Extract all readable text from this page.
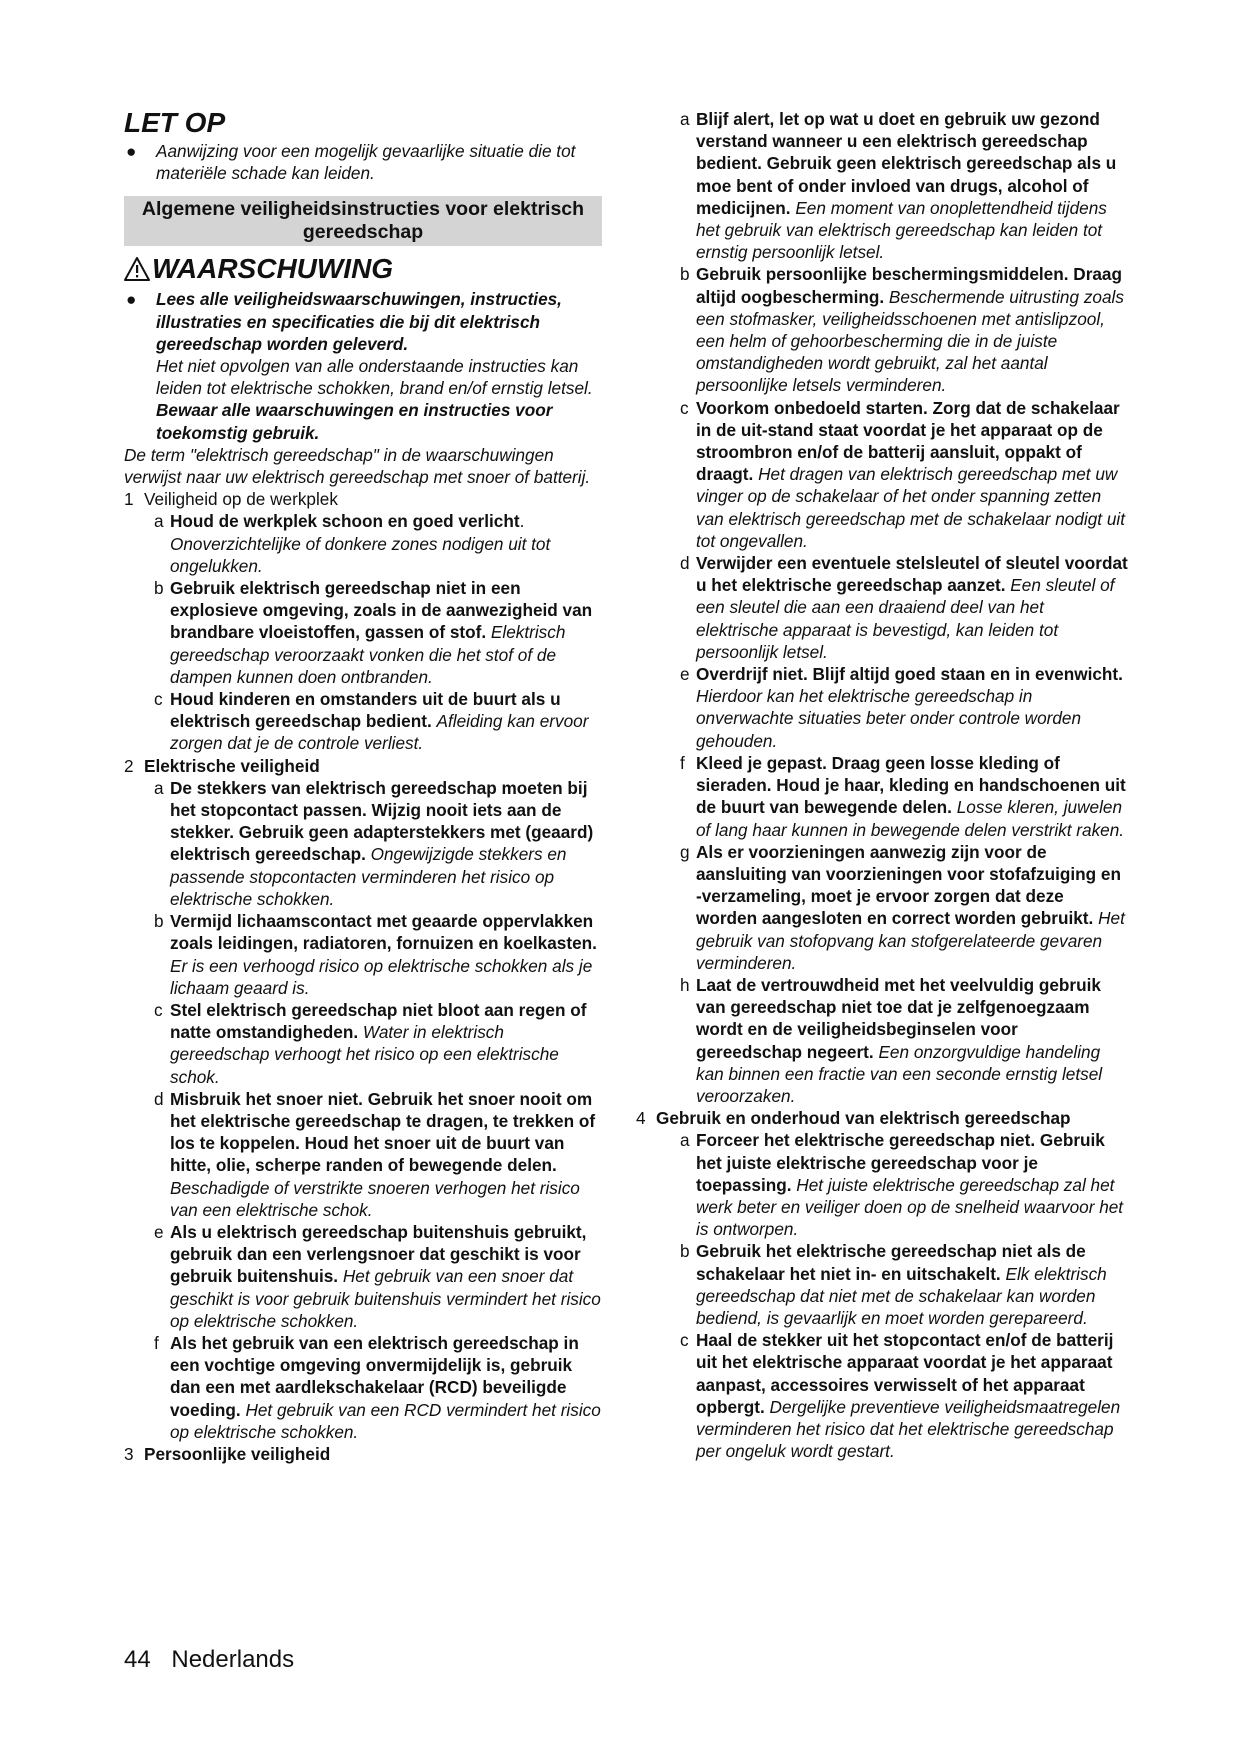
LET OP
●	Aanwijzing voor een mogelijk gevaarlijke situatie die tot materiële schade kan leiden.
Algemene veiligheidsinstructies voor elektrisch gereedschap
WAARSCHUWING
●	Lees alle veiligheidswaarschuwingen, instructies, illustraties en specificaties die bij dit elektrisch gereedschap worden geleverd.
Het niet opvolgen van alle onderstaande instructies kan leiden tot elektrische schokken, brand en/of ernstig letsel. Bewaar alle waarschuwingen en instructies voor toekomstig gebruik.
De term "elektrisch gereedschap" in de waarschuwingen verwijst naar uw elektrisch gereedschap met snoer of batterij.
1 Veiligheid op de werkplek
a Houd de werkplek schoon en goed verlicht. Onoverzichtelijke of donkere zones nodigen uit tot ongelukken.
b Gebruik elektrisch gereedschap niet in een explosieve omgeving, zoals in de aanwezigheid van brandbare vloeistoffen, gassen of stof. Elektrisch gereedschap veroorzaakt vonken die het stof of de dampen kunnen doen ontbranden.
c Houd kinderen en omstanders uit de buurt als u elektrisch gereedschap bedient. Afleiding kan ervoor zorgen dat je de controle verliest.
2 Elektrische veiligheid
a De stekkers van elektrisch gereedschap moeten bij het stopcontact passen. Wijzig nooit iets aan de stekker. Gebruik geen adapterstekkers met (geaard) elektrisch gereedschap. Ongewijzigde stekkers en passende stopcontacten verminderen het risico op elektrische schokken.
b Vermijd lichaamscontact met geaarde oppervlakken zoals leidingen, radiatoren, fornuizen en koelkasten. Er is een verhoogd risico op elektrische schokken als je lichaam geaard is.
c Stel elektrisch gereedschap niet bloot aan regen of natte omstandigheden. Water in elektrisch gereedschap verhoogt het risico op een elektrische schok.
d Misbruik het snoer niet. Gebruik het snoer nooit om het elektrische gereedschap te dragen, te trekken of los te koppelen. Houd het snoer uit de buurt van hitte, olie, scherpe randen of bewegende delen. Beschadigde of verstrikte snoeren verhogen het risico van een elektrische schok.
e Als u elektrisch gereedschap buitenshuis gebruikt, gebruik dan een verlengsnoer dat geschikt is voor gebruik buitenshuis. Het gebruik van een snoer dat geschikt is voor gebruik buitenshuis vermindert het risico op elektrische schokken.
f Als het gebruik van een elektrisch gereedschap in een vochtige omgeving onvermijdelijk is, gebruik dan een met aardlekschakelaar (RCD) beveiligde voeding. Het gebruik van een RCD vermindert het risico op elektrische schokken.
3 Persoonlijke veiligheid
a Blijf alert, let op wat u doet en gebruik uw gezond verstand wanneer u een elektrisch gereedschap bedient. Gebruik geen elektrisch gereedschap als u moe bent of onder invloed van drugs, alcohol of medicijnen. Een moment van onoplettendheid tijdens het gebruik van elektrisch gereedschap kan leiden tot ernstig persoonlijk letsel.
b Gebruik persoonlijke beschermingsmiddelen. Draag altijd oogbescherming. Beschermende uitrusting zoals een stofmasker, veiligheidsschoenen met antislipzool, een helm of gehoorbescherming die in de juiste omstandigheden wordt gebruikt, zal het aantal persoonlijke letsels verminderen.
c Voorkom onbedoeld starten. Zorg dat de schakelaar in de uit-stand staat voordat je het apparaat op de stroombron en/of de batterij aansluit, oppakt of draagt. Het dragen van elektrisch gereedschap met uw vinger op de schakelaar of het onder spanning zetten van elektrisch gereedschap met de schakelaar nodigt uit tot ongevallen.
d Verwijder een eventuele stelsleutel of sleutel voordat u het elektrische gereedschap aanzet. Een sleutel of een sleutel die aan een draaiend deel van het elektrische apparaat is bevestigd, kan leiden tot persoonlijk letsel.
e Overdrijf niet. Blijf altijd goed staan en in evenwicht. Hierdoor kan het elektrische gereedschap in onverwachte situaties beter onder controle worden gehouden.
f Kleed je gepast. Draag geen losse kleding of sieraden. Houd je haar, kleding en handschoenen uit de buurt van bewegende delen. Losse kleren, juwelen of lang haar kunnen in bewegende delen verstrikt raken.
g Als er voorzieningen aanwezig zijn voor de aansluiting van voorzieningen voor stofafzuiging en -verzameling, moet je ervoor zorgen dat deze worden aangesloten en correct worden gebruikt. Het gebruik van stofopvang kan stofgerelateerde gevaren verminderen.
h Laat de vertrouwdheid met het veelvuldig gebruik van gereedschap niet toe dat je zelfgenoegzaam wordt en de veiligheidsbeginselen voor gereedschap negeert. Een onzorgvuldige handeling kan binnen een fractie van een seconde ernstig letsel veroorzaken.
4 Gebruik en onderhoud van elektrisch gereedschap
a Forceer het elektrische gereedschap niet. Gebruik het juiste elektrische gereedschap voor je toepassing. Het juiste elektrische gereedschap zal het werk beter en veiliger doen op de snelheid waarvoor het is ontworpen.
b Gebruik het elektrische gereedschap niet als de schakelaar het niet in- en uitschakelt. Elk elektrisch gereedschap dat niet met de schakelaar kan worden bediend, is gevaarlijk en moet worden gerepareerd.
c Haal de stekker uit het stopcontact en/of de batterij uit het elektrische apparaat voordat je het apparaat aanpast, accessoires verwisselt of het apparaat opbergt. Dergelijke preventieve veiligheidsmaatregelen verminderen het risico dat het elektrische gereedschap per ongeluk wordt gestart.
44 Nederlands
